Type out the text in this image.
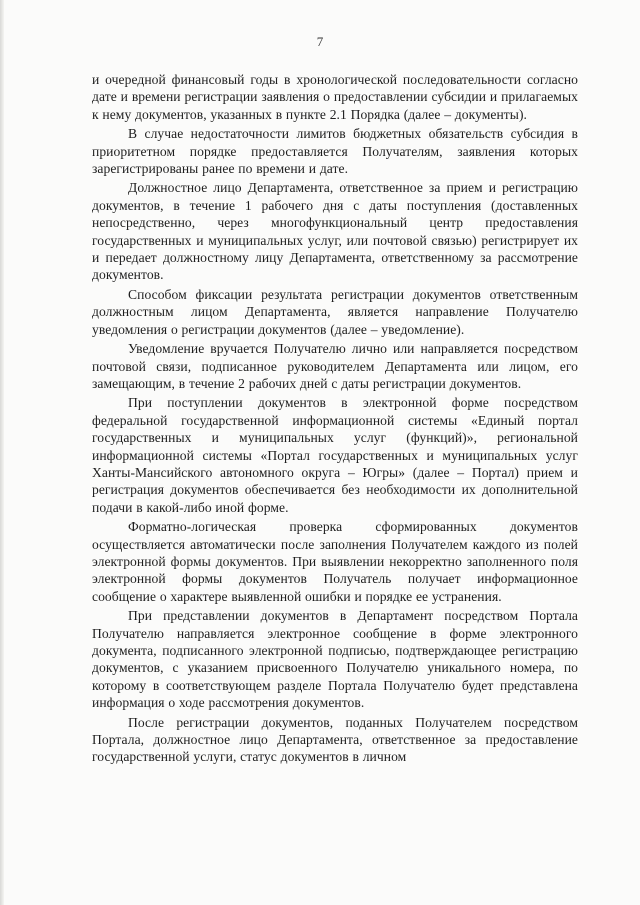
7

и очередной финансовый годы в хронологической последовательности согласно дате и времени регистрации заявления о предоставлении субсидии и прилагаемых к нему документов, указанных в пункте 2.1 Порядка (далее – документы).

В случае недостаточности лимитов бюджетных обязательств субсидия в приоритетном порядке предоставляется Получателям, заявления которых зарегистрированы ранее по времени и дате.

Должностное лицо Департамента, ответственное за прием и регистрацию документов, в течение 1 рабочего дня с даты поступления (доставленных непосредственно, через многофункциональный центр предоставления государственных и муниципальных услуг, или почтовой связью) регистрирует их и передает должностному лицу Департамента, ответственному за рассмотрение документов.

Способом фиксации результата регистрации документов ответственным должностным лицом Департамента, является направление Получателю уведомления о регистрации документов (далее – уведомление).

Уведомление вручается Получателю лично или направляется посредством почтовой связи, подписанное руководителем Департамента или лицом, его замещающим, в течение 2 рабочих дней с даты регистрации документов.

При поступлении документов в электронной форме посредством федеральной государственной информационной системы «Единый портал государственных и муниципальных услуг (функций)», региональной информационной системы «Портал государственных и муниципальных услуг Ханты-Мансийского автономного округа – Югры» (далее – Портал) прием и регистрация документов обеспечивается без необходимости их дополнительной подачи в какой-либо иной форме.

Форматно-логическая проверка сформированных документов осуществляется автоматически после заполнения Получателем каждого из полей электронной формы документов. При выявлении некорректно заполненного поля электронной формы документов Получатель получает информационное сообщение о характере выявленной ошибки и порядке ее устранения.

При представлении документов в Департамент посредством Портала Получателю направляется электронное сообщение в форме электронного документа, подписанного электронной подписью, подтверждающее регистрацию документов, с указанием присвоенного Получателю уникального номера, по которому в соответствующем разделе Портала Получателю будет представлена информация о ходе рассмотрения документов.

После регистрации документов, поданных Получателем посредством Портала, должностное лицо Департамента, ответственное за предоставление государственной услуги, статус документов в личном
